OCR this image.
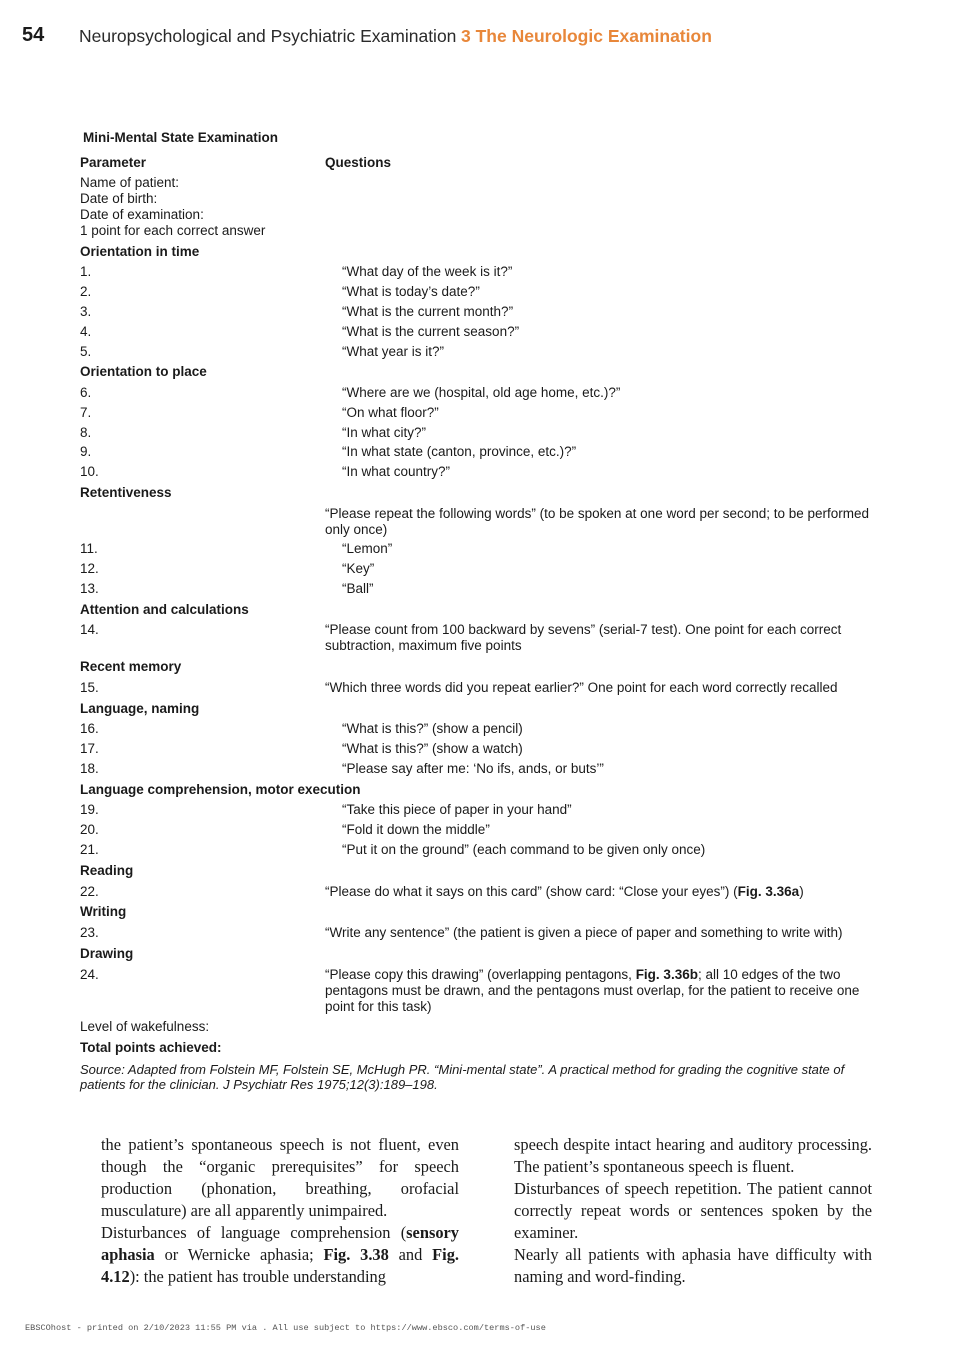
54 Neuropsychological and Psychiatric Examination 3 The Neurologic Examination
Mini-Mental State Examination
Parameter	Questions
Name of patient:
Date of birth:
Date of examination:
1 point for each correct answer
Orientation in time
1.	“What day of the week is it?”
2.	“What is today’s date?”
3.	“What is the current month?”
4.	“What is the current season?”
5.	“What year is it?”
Orientation to place
6.	“Where are we (hospital, old age home, etc.)?”
7.	“On what floor?”
8.	“In what city?”
9.	“In what state (canton, province, etc.)?”
10.	“In what country?”
Retentiveness
“Please repeat the following words” (to be spoken at one word per second; to be performed only once)
11.	“Lemon”
12.	“Key”
13.	“Ball”
Attention and calculations
14.	“Please count from 100 backward by sevens” (serial-7 test). One point for each correct subtraction, maximum five points
Recent memory
15.	“Which three words did you repeat earlier?” One point for each word correctly recalled
Language, naming
16.	“What is this?” (show a pencil)
17.	“What is this?” (show a watch)
18.	“Please say after me: ‘No ifs, ands, or buts’”
Language comprehension, motor execution
19.	“Take this piece of paper in your hand”
20.	“Fold it down the middle”
21.	“Put it on the ground” (each command to be given only once)
Reading
22.	“Please do what it says on this card” (show card: “Close your eyes”) (Fig. 3.36a)
Writing
23.	“Write any sentence” (the patient is given a piece of paper and something to write with)
Drawing
24.	“Please copy this drawing” (overlapping pentagons, Fig. 3.36b; all 10 edges of the two pentagons must be drawn, and the pentagons must overlap, for the patient to receive one point for this task)
Level of wakefulness:
Total points achieved:
Source: Adapted from Folstein MF, Folstein SE, McHugh PR. “Mini-mental state”. A practical method for grading the cognitive state of patients for the clinician. J Psychiatr Res 1975;12(3):189–198.

the patient’s spontaneous speech is not fluent, even though the “organic prerequisites” for speech production (phonation, breathing, orofacial musculature) are all apparently unimpaired.

Disturbances of language comprehension (sensory aphasia or Wernicke aphasia; Fig. 3.38 and Fig. 4.12): the patient has trouble understanding

speech despite intact hearing and auditory processing. The patient’s spontaneous speech is fluent.

Disturbances of speech repetition. The patient cannot correctly repeat words or sentences spoken by the examiner.

Nearly all patients with aphasia have difficulty with naming and word-finding.

EBSCOhost - printed on 2/10/2023 11:55 PM via . All use subject to https://www.ebsco.com/terms-of-use
